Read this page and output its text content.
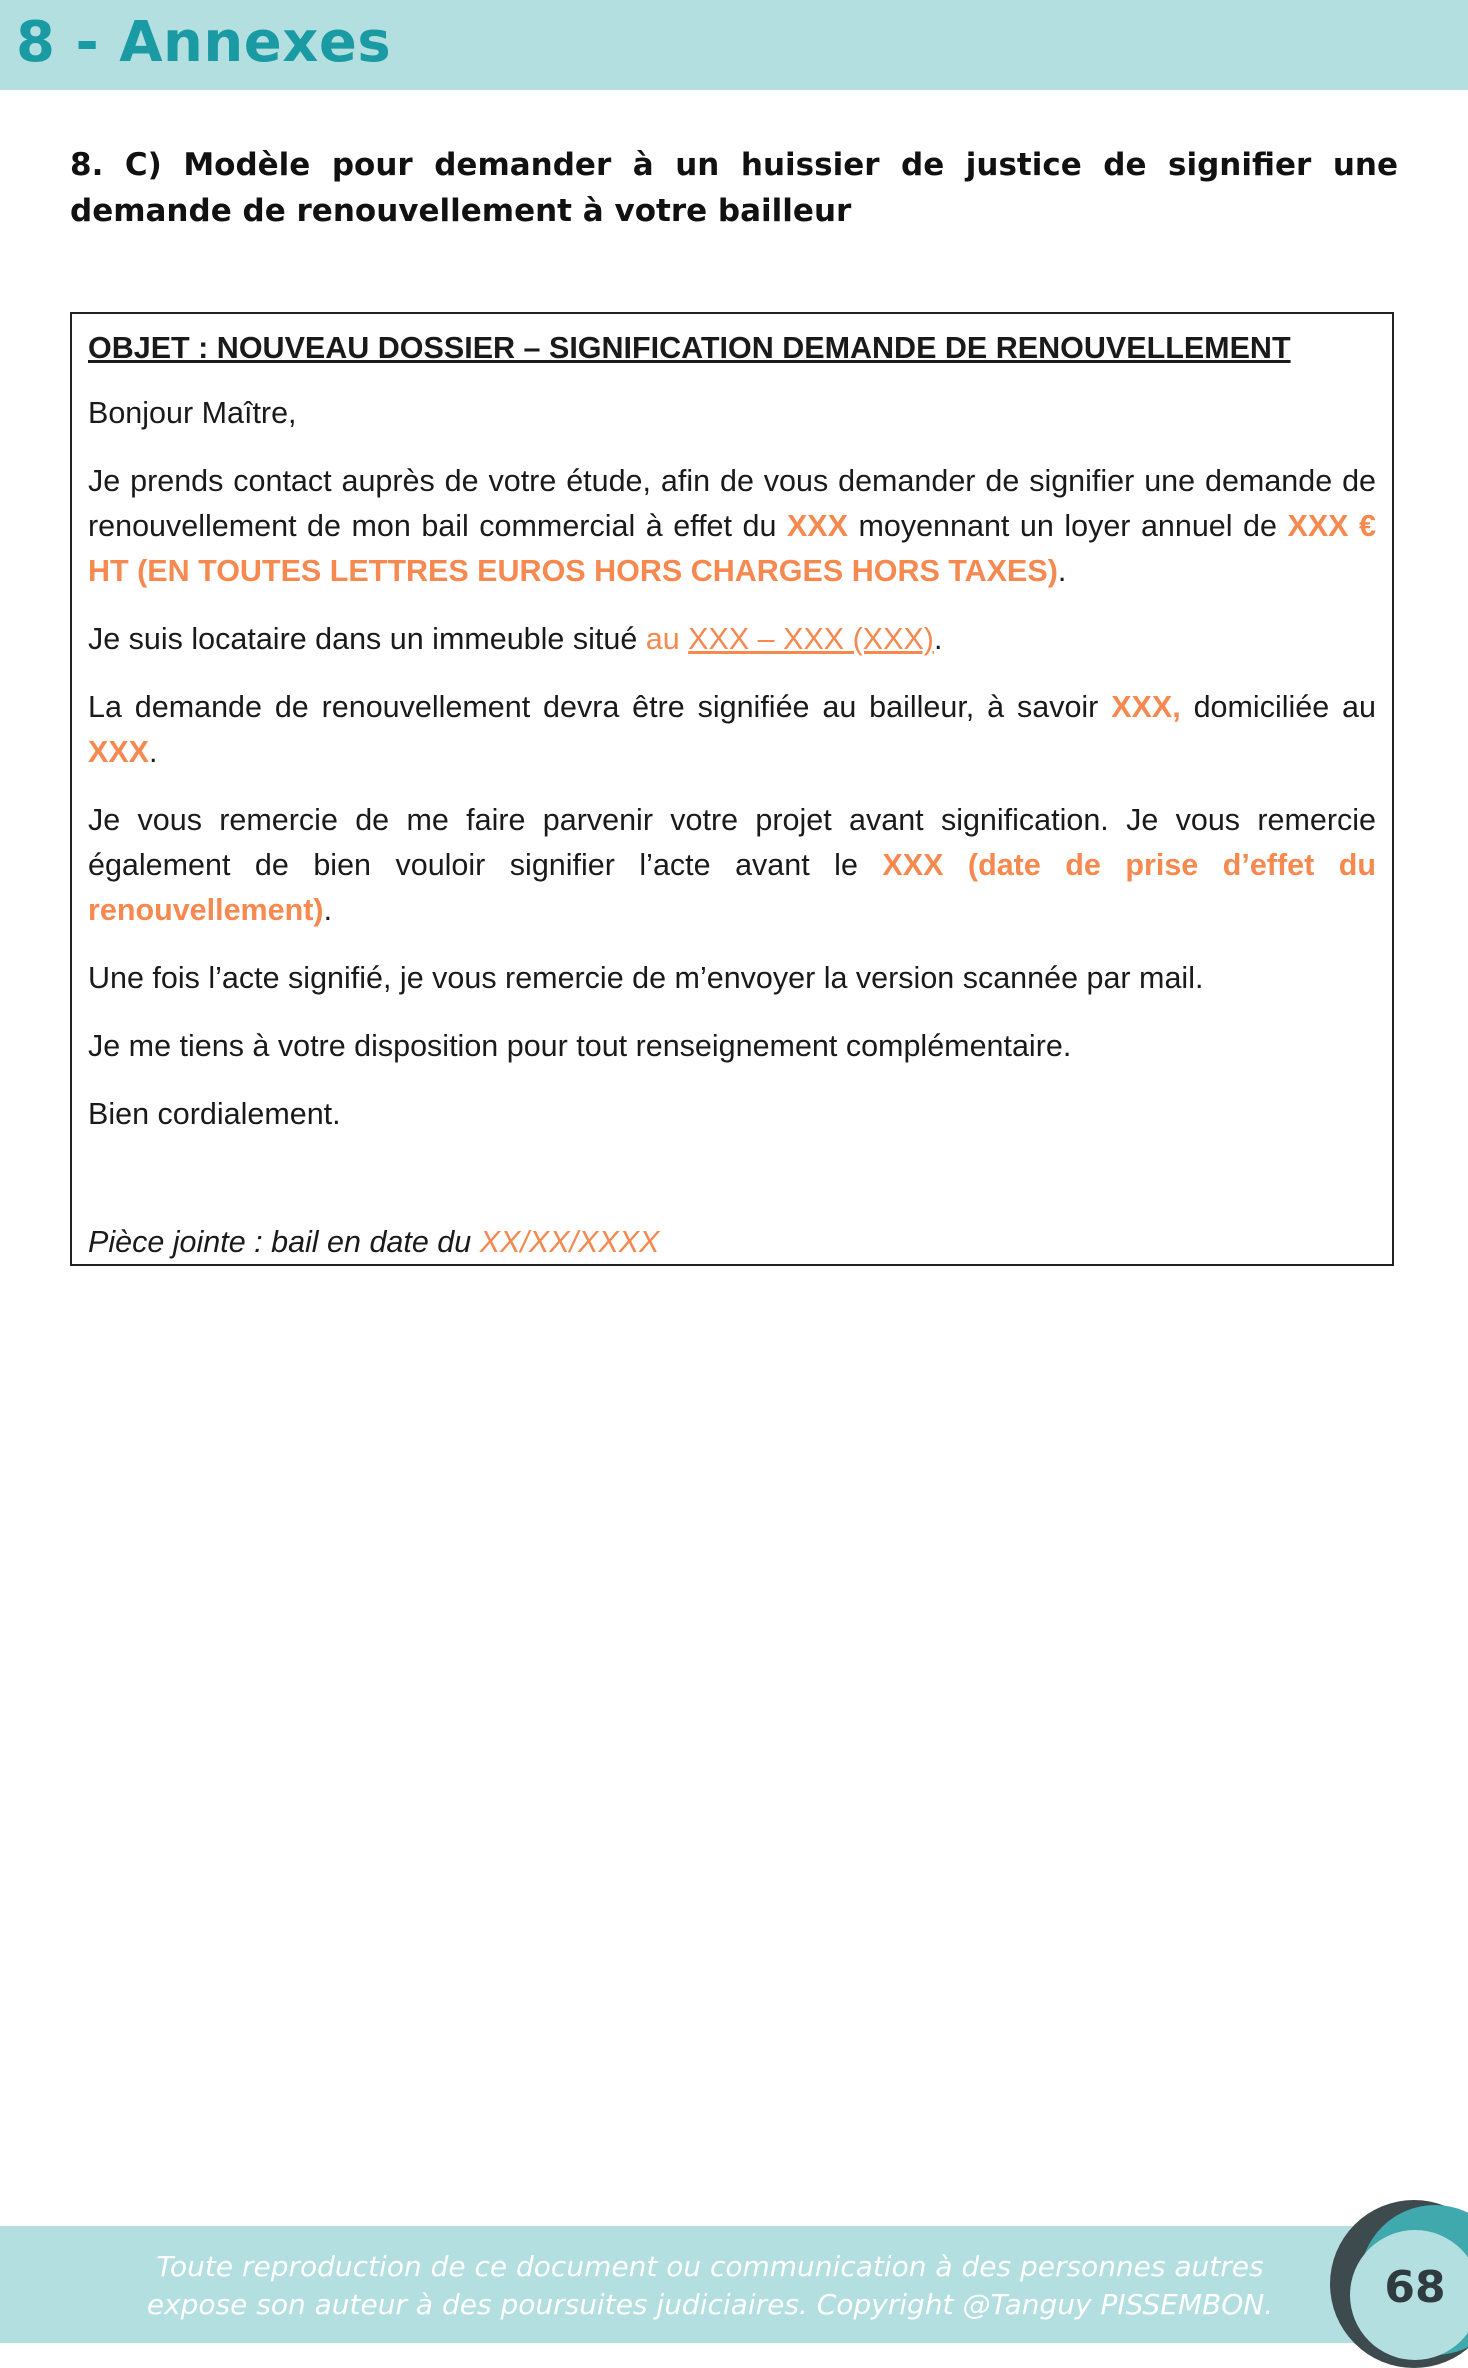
8 - Annexes
8. C) Modèle pour demander à un huissier de justice de signifier une demande de renouvellement à votre bailleur

OBJET : NOUVEAU DOSSIER – SIGNIFICATION DEMANDE DE RENOUVELLEMENT

Bonjour Maître,

Je prends contact auprès de votre étude, afin de vous demander de signifier une demande de renouvellement de mon bail commercial à effet du XXX moyennant un loyer annuel de XXX € HT (EN TOUTES LETTRES EUROS HORS CHARGES HORS TAXES).

Je suis locataire dans un immeuble situé au XXX – XXX (XXX).

La demande de renouvellement devra être signifiée au bailleur, à savoir XXX, domiciliée au XXX.

Je vous remercie de me faire parvenir votre projet avant signification. Je vous remercie également de bien vouloir signifier l’acte avant le XXX (date de prise d’effet du renouvellement).

Une fois l’acte signifié, je vous remercie de m’envoyer la version scannée par mail.

Je me tiens à votre disposition pour tout renseignement complémentaire.

Bien cordialement.

Pièce jointe : bail en date du XX/XX/XXXX

Toute reproduction de ce document ou communication à des personnes autres
expose son auteur à des poursuites judiciaires. Copyright @Tanguy PISSEMBON.	68
